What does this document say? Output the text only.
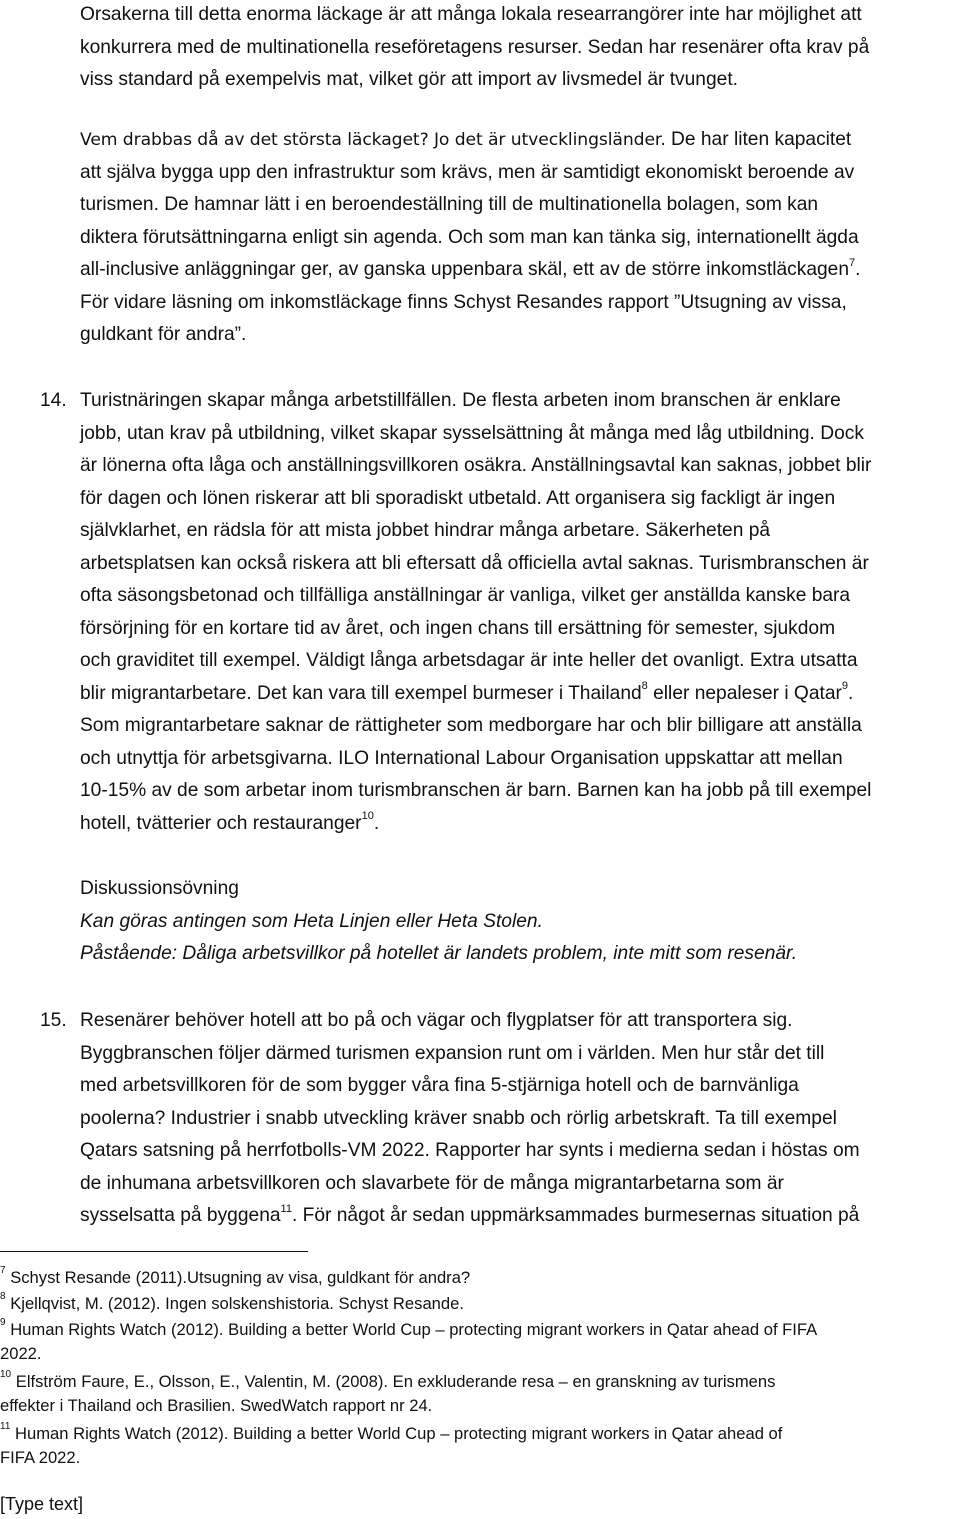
Orsakerna till detta enorma läckage är att många lokala researrangörer inte har möjlighet att
konkurrera med de multinationella reseföretagens resurser. Sedan har resenärer ofta krav på
viss standard på exempelvis mat, vilket gör att import av livsmedel är tvunget.

Vem drabbas då av det största läckaget? Jo det är utvecklingsländer. De har liten kapacitet
att själva bygga upp den infrastruktur som krävs, men är samtidigt ekonomiskt beroende av
turismen. De hamnar lätt i en beroendeställning till de multinationella bolagen, som kan
diktera förutsättningarna enligt sin agenda. Och som man kan tänka sig, internationellt ägda
all-inclusive anläggningar ger, av ganska uppenbara skäl, ett av de större inkomstläckagen$^7$.
För vidare läsning om inkomstläckage finns Schyst Resandes rapport ”Utsugning av vissa,
guldkant för andra”.

14. Turistnäringen skapar många arbetstillfällen. De flesta arbeten inom branschen är enklare
jobb, utan krav på utbildning, vilket skapar sysselsättning åt många med låg utbildning. Dock
är lönerna ofta låga och anställningsvillkoren osäkra. Anställningsavtal kan saknas, jobbet blir
för dagen och lönen riskerar att bli sporadiskt utbetald. Att organisera sig fackligt är ingen
självklarhet, en rädsla för att mista jobbet hindrar många arbetare. Säkerheten på
arbetsplatsen kan också riskera att bli eftersatt då officiella avtal saknas. Turismbranschen är
ofta säsongsbetonad och tillfälliga anställningar är vanliga, vilket ger anställda kanske bara
försörjning för en kortare tid av året, och ingen chans till ersättning för semester, sjukdom
och graviditet till exempel. Väldigt långa arbetsdagar är inte heller det ovanligt. Extra utsatta
blir migrantarbetare. Det kan vara till exempel burmeser i Thailand$^8$ eller nepaleser i Qatar$^9$.
Som migrantarbetare saknar de rättigheter som medborgare har och blir billigare att anställa
och utnyttja för arbetsgivarna. ILO International Labour Organisation uppskattar att mellan
10-15% av de som arbetar inom turismbranschen är barn. Barnen kan ha jobb på till exempel
hotell, tvätterier och restauranger$^{10}$.

Diskussionsövning
Kan göras antingen som Heta Linjen eller Heta Stolen.
Påstående: Dåliga arbetsvillkor på hotellet är landets problem, inte mitt som resenär.

15. Resenärer behöver hotell att bo på och vägar och flygplatser för att transportera sig.
Byggbranschen följer därmed turismen expansion runt om i världen. Men hur står det till
med arbetsvillkoren för de som bygger våra fina 5-stjärniga hotell och de barnvänliga
poolerna? Industrier i snabb utveckling kräver snabb och rörlig arbetskraft. Ta till exempel
Qatars satsning på herrfotbolls-VM 2022. Rapporter har synts i medierna sedan i höstas om
de inhumana arbetsvillkoren och slavarbete för de många migrantarbetarna som är
sysselsatta på byggena$^{11}$. För något år sedan uppmärksammades burmesernas situation på

$^7$ Schyst Resande (2011).Utsugning av visa, guldkant för andra?

$^8$ Kjellqvist, M. (2012). Ingen solskenshistoria. Schyst Resande.

$^9$ Human Rights Watch (2012). Building a better World Cup – protecting migrant workers in Qatar ahead of FIFA
2022.

$^{10}$ Elfström Faure, E., Olsson, E., Valentin, M. (2008). En exkluderande resa – en granskning av turismens
effekter i Thailand och Brasilien. SwedWatch rapport nr 24.

$^{11}$ Human Rights Watch (2012). Building a better World Cup – protecting migrant workers in Qatar ahead of
FIFA 2022.

[Type text]
